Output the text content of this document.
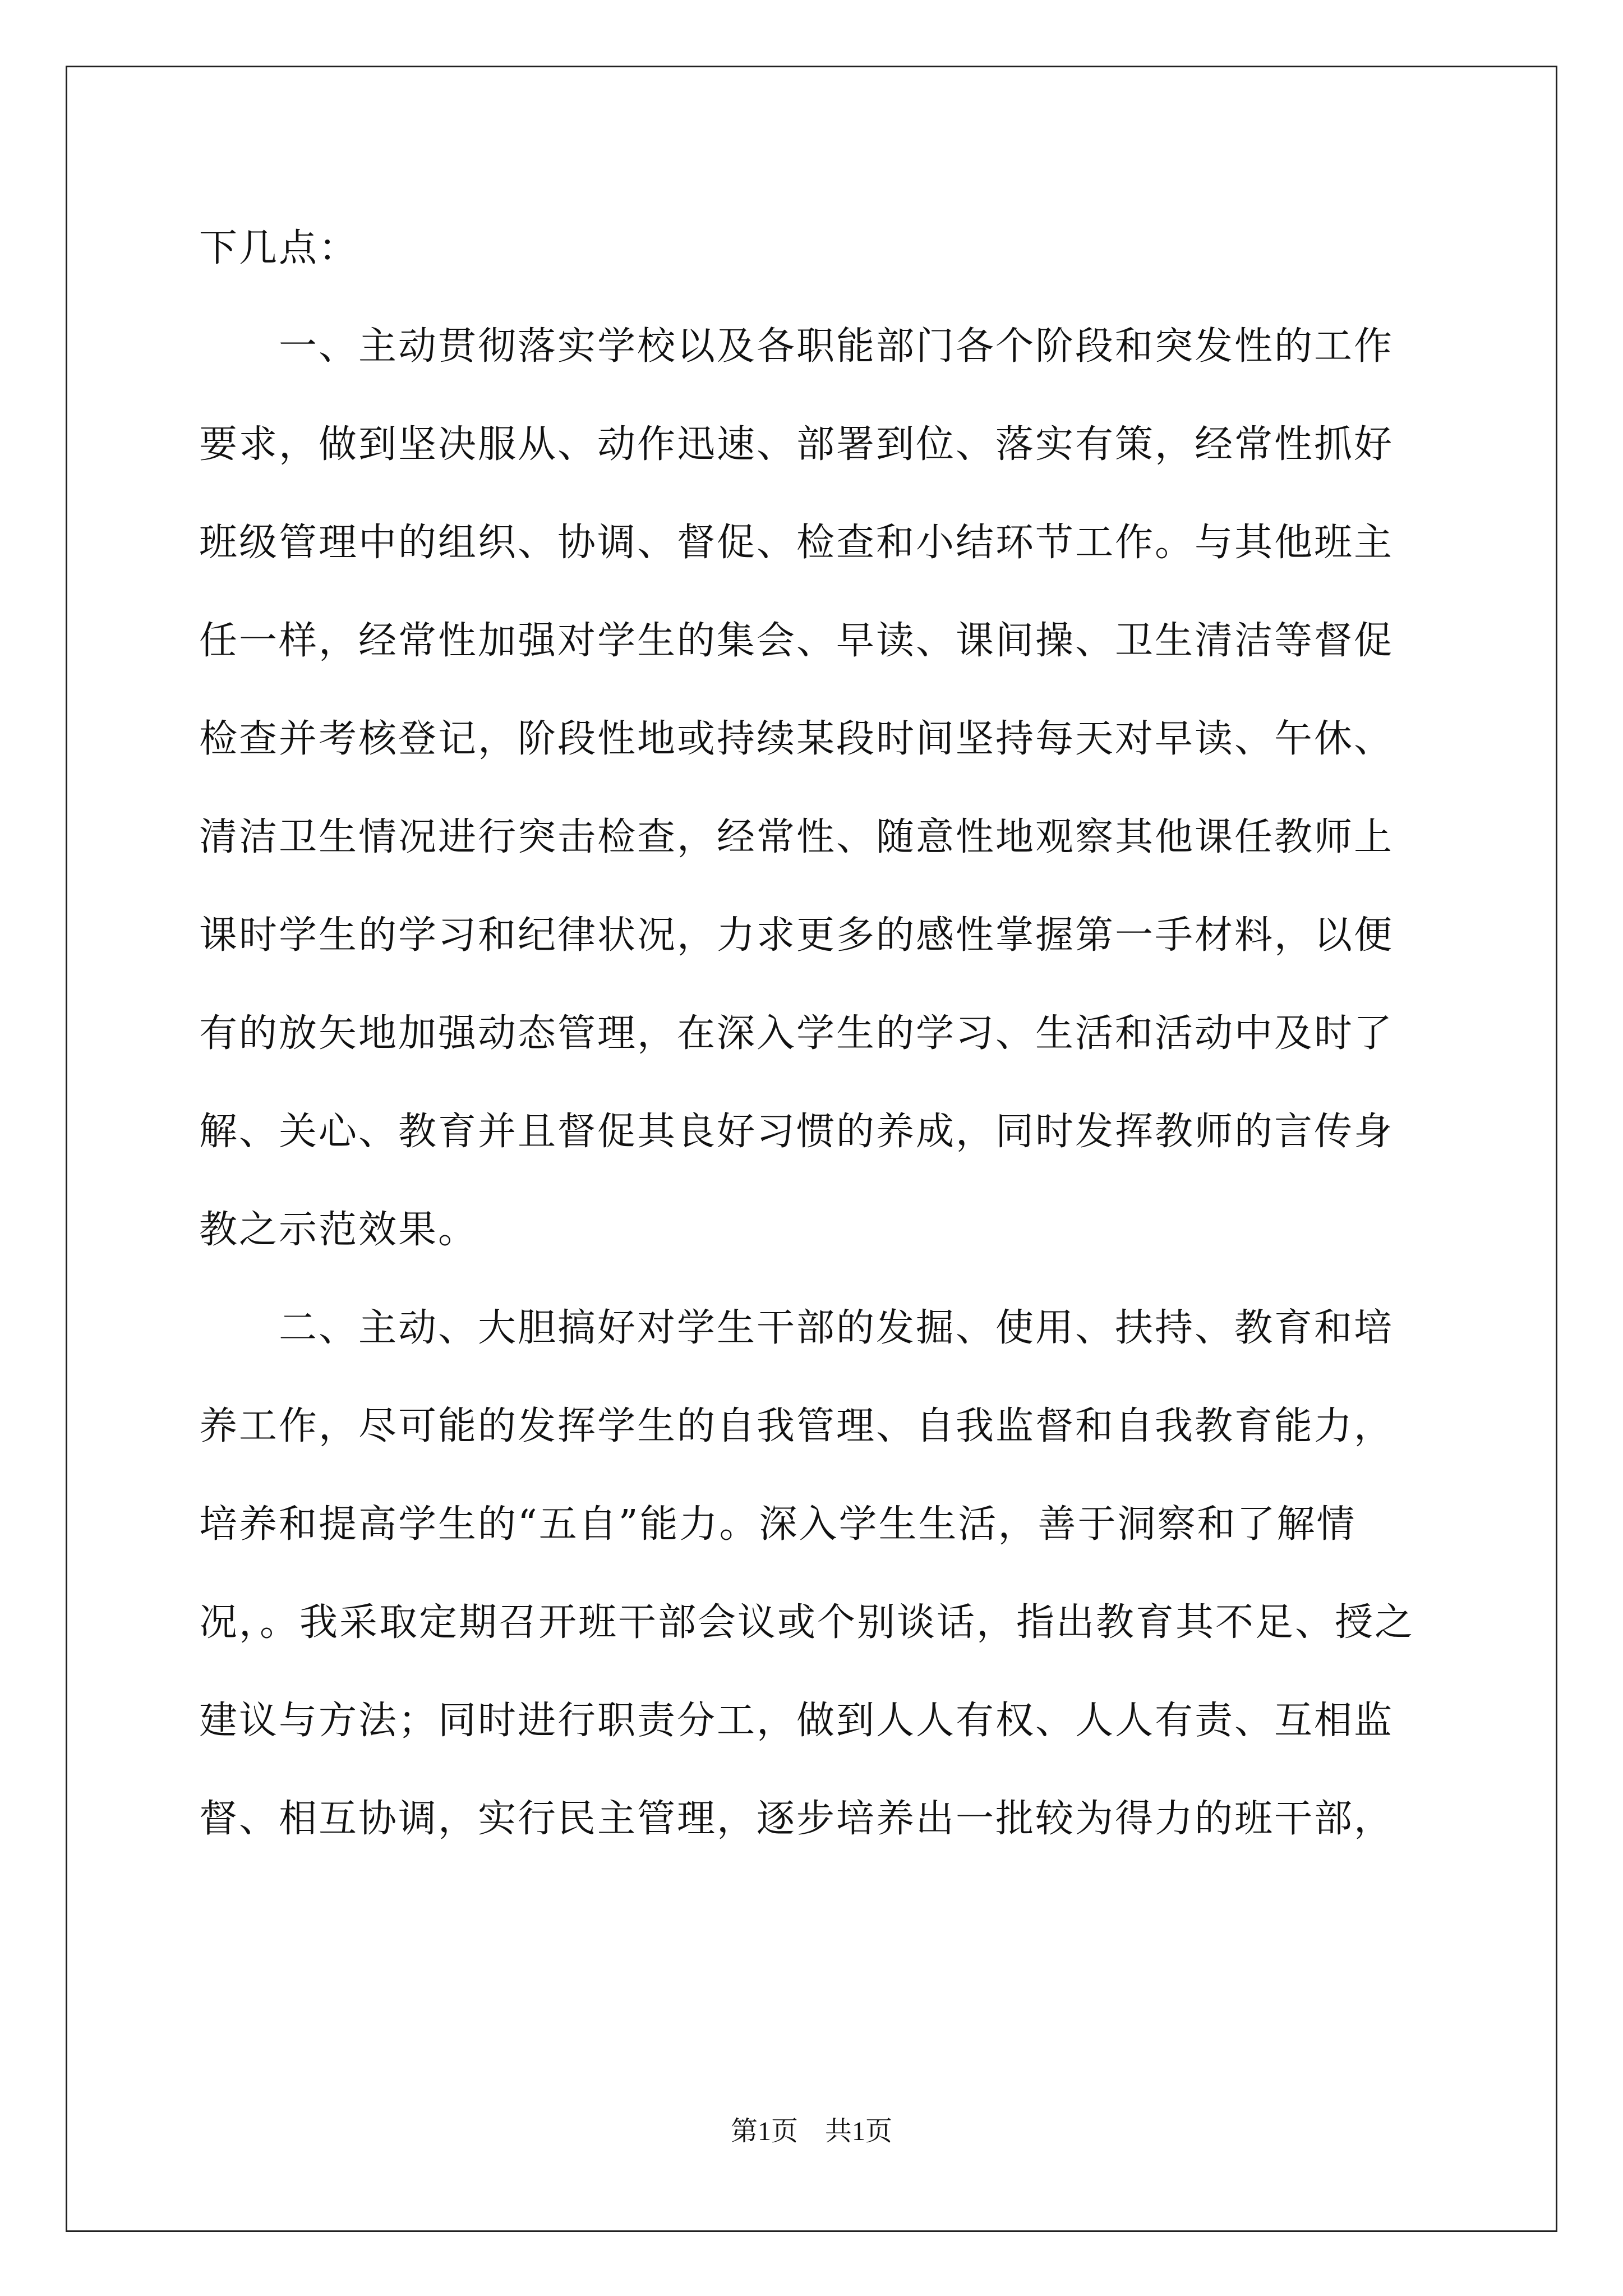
下几点：
　　一、主动贯彻落实学校以及各职能部门各个阶段和突发性的工作
要求，做到坚决服从、动作迅速、部署到位、落实有策，经常性抓好
班级管理中的组织、协调、督促、检查和小结环节工作。与其他班主
任一样，经常性加强对学生的集会、早读、课间操、卫生清洁等督促
检查并考核登记，阶段性地或持续某段时间坚持每天对早读、午休、
清洁卫生情况进行突击检查，经常性、随意性地观察其他课任教师上
课时学生的学习和纪律状况，力求更多的感性掌握第一手材料，以便
有的放矢地加强动态管理，在深入学生的学习、生活和活动中及时了
解、关心、教育并且督促其良好习惯的养成，同时发挥教师的言传身
教之示范效果。
　　二、主动、大胆搞好对学生干部的发掘、使用、扶持、教育和培
养工作，尽可能的发挥学生的自我管理、自我监督和自我教育能力，
培养和提高学生的“五自”能力。深入学生生活，善于洞察和了解情
况，。我采取定期召开班干部会议或个别谈话，指出教育其不足、授之
建议与方法；同时进行职责分工，做到人人有权、人人有责、互相监
督、相互协调，实行民主管理，逐步培养出一批较为得力的班干部，
第1页　共1页
